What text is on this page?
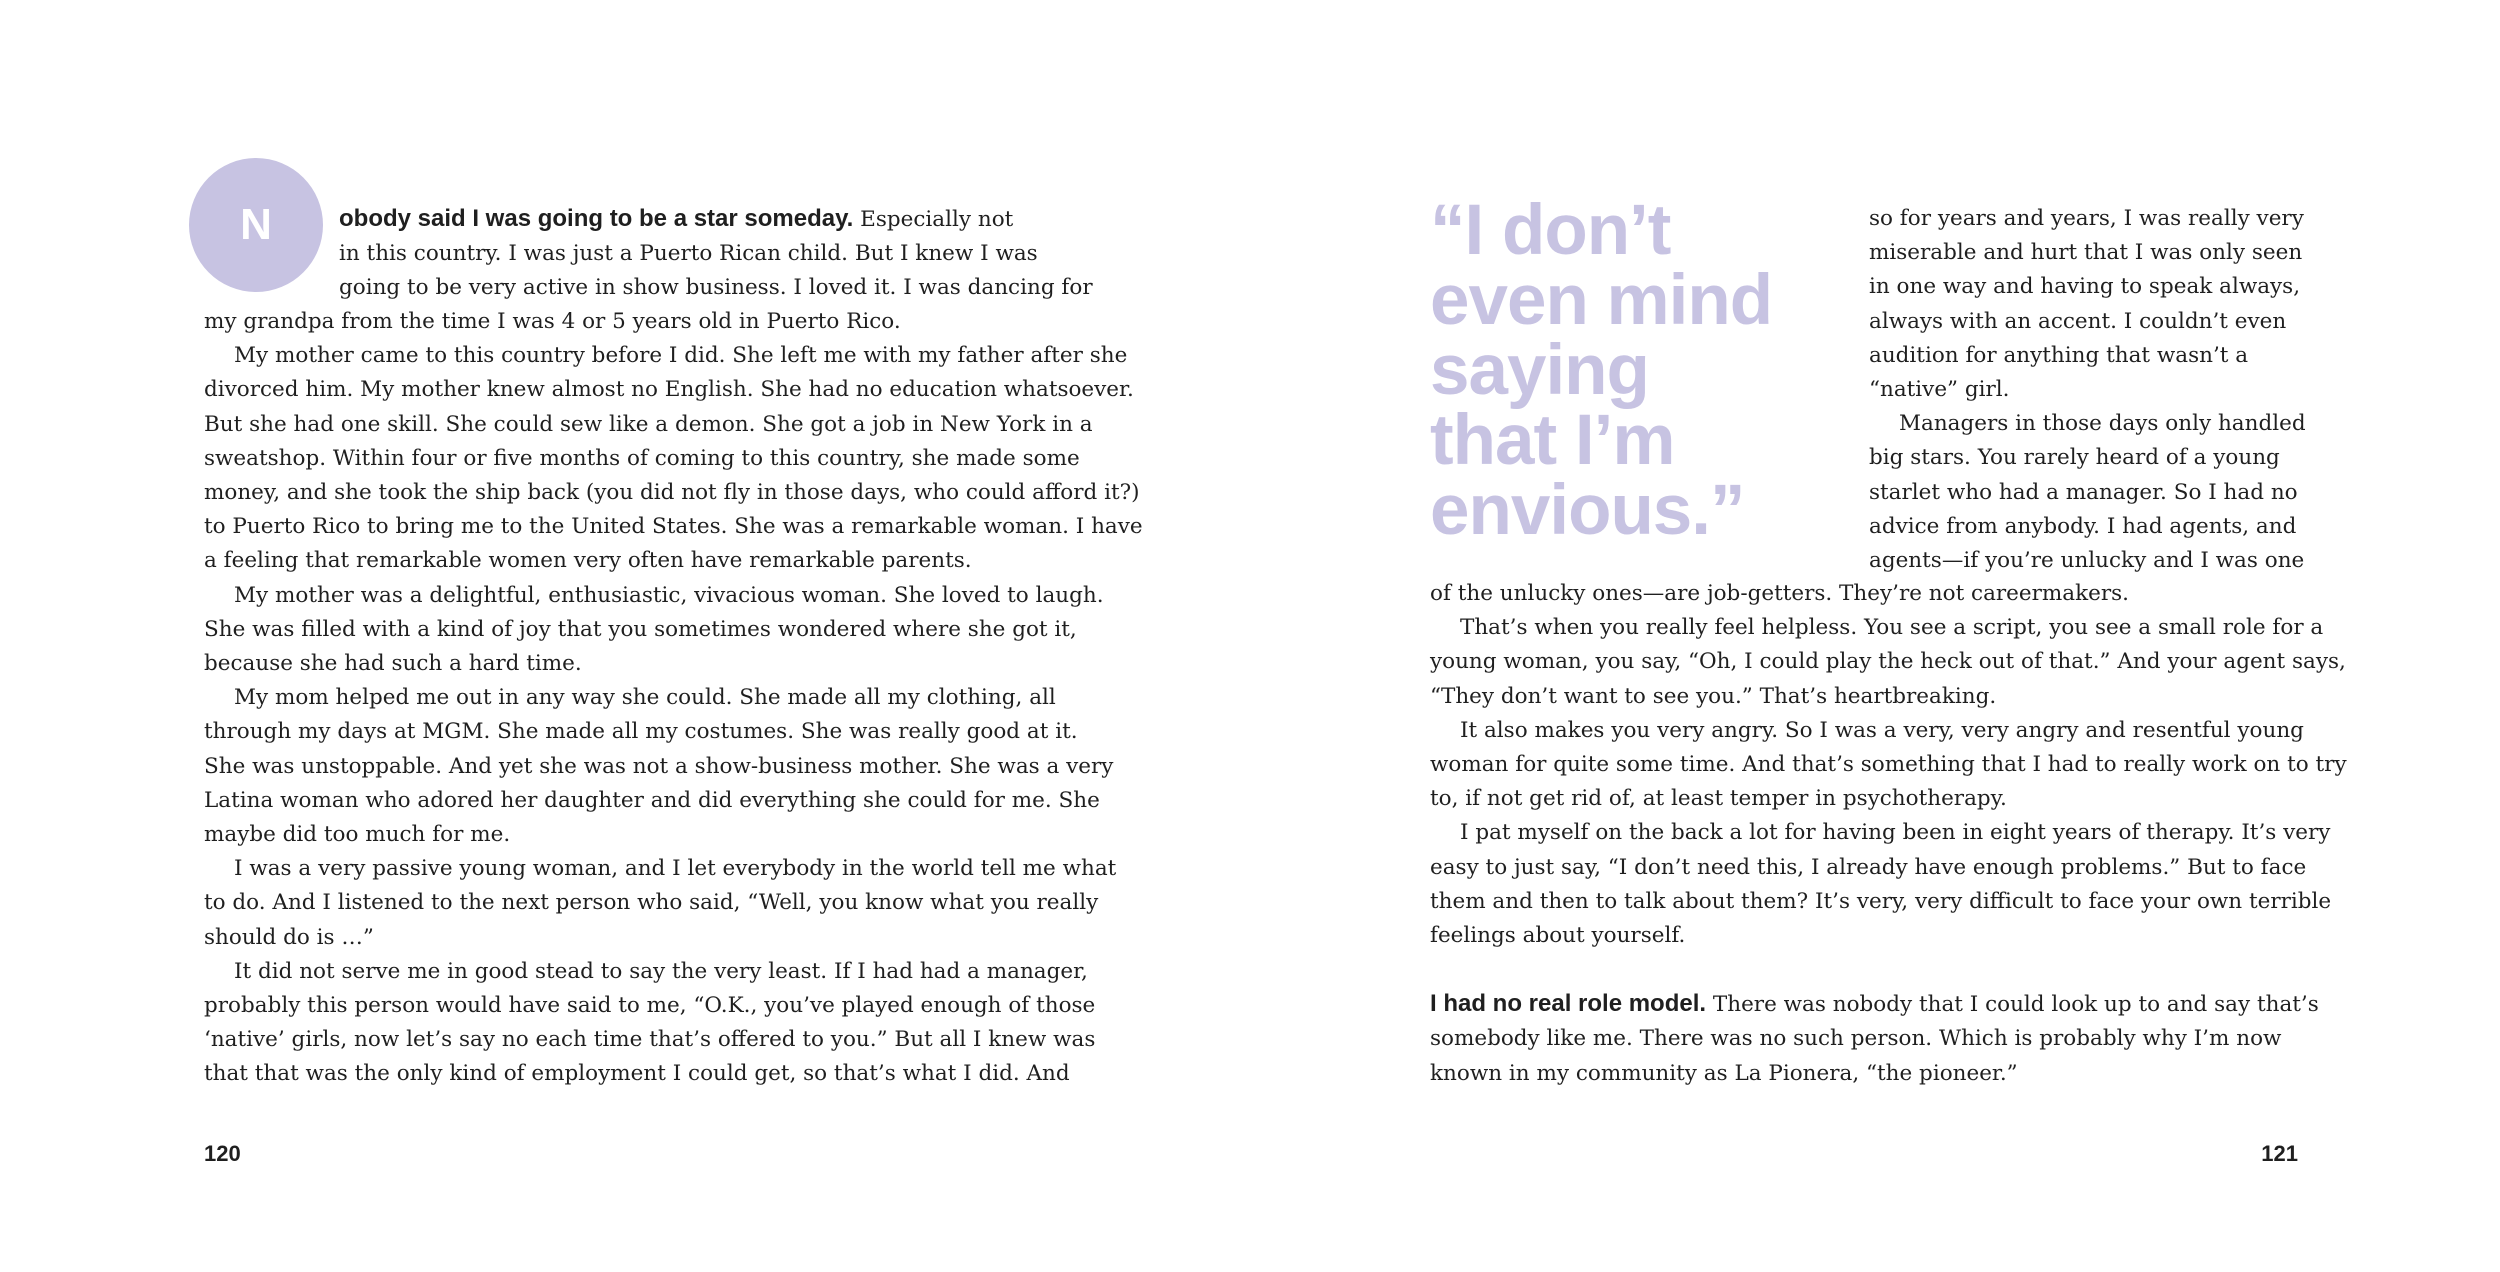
N	obody said I was going to be a star someday. Especially not

in this country. I was just a Puerto Rican child. But I knew I was

going to be very active in show business. I loved it. I was dancing for

my grandpa from the time I was 4 or 5 years old in Puerto Rico.
My mother came to this country before I did. She left me with my father after she
divorced him. My mother knew almost no English. She had no education whatsoever.
But she had one skill. She could sew like a demon. She got a job in New York in a
sweatshop. Within four or five months of coming to this country, she made some
money, and she took the ship back (you did not fly in those days, who could afford it?)
to Puerto Rico to bring me to the United States. She was a remarkable woman. I have
a feeling that remarkable women very often have remarkable parents.
My mother was a delightful, enthusiastic, vivacious woman. She loved to laugh.
She was filled with a kind of joy that you sometimes wondered where she got it,
because she had such a hard time.
My mom helped me out in any way she could. She made all my clothing, all
through my days at MGM. She made all my costumes. She was really good at it.
She was unstoppable. And yet she was not a show-business mother. She was a very
Latina woman who adored her daughter and did everything she could for me. She
maybe did too much for me.
I was a very passive young woman, and I let everybody in the world tell me what
to do. And I listened to the next person who said, “Well, you know what you really
should do is …”
It did not serve me in good stead to say the very least. If I had had a manager,
probably this person would have said to me, “O.K., you’ve played enough of those
‘native’ girls, now let’s say no each time that’s offered to you.” But all I knew was
that that was the only kind of employment I could get, so that’s what I did. And
120
“I don’t
even mind
saying
that I’m
envious.”
so for years and years, I was really very
miserable and hurt that I was only seen
in one way and having to speak always,
always with an accent. I couldn’t even
audition for anything that wasn’t a
“native” girl.
Managers in those days only handled
big stars. You rarely heard of a young
starlet who had a manager. So I had no
advice from anybody. I had agents, and
agents—if you’re unlucky and I was one
of the unlucky ones—are job-getters. They’re not careermakers.
That’s when you really feel helpless. You see a script, you see a small role for a
young woman, you say, “Oh, I could play the heck out of that.” And your agent says,
“They don’t want to see you.” That’s heartbreaking.
It also makes you very angry. So I was a very, very angry and resentful young
woman for quite some time. And that’s something that I had to really work on to try
to, if not get rid of, at least temper in psychotherapy.
I pat myself on the back a lot for having been in eight years of therapy. It’s very
easy to just say, “I don’t need this, I already have enough problems.” But to face
them and then to talk about them? It’s very, very difficult to face your own terrible
feelings about yourself.
I had no real role model. There was nobody that I could look up to and say that’s
somebody like me. There was no such person. Which is probably why I’m now
known in my community as La Pionera, “the pioneer.”
121
